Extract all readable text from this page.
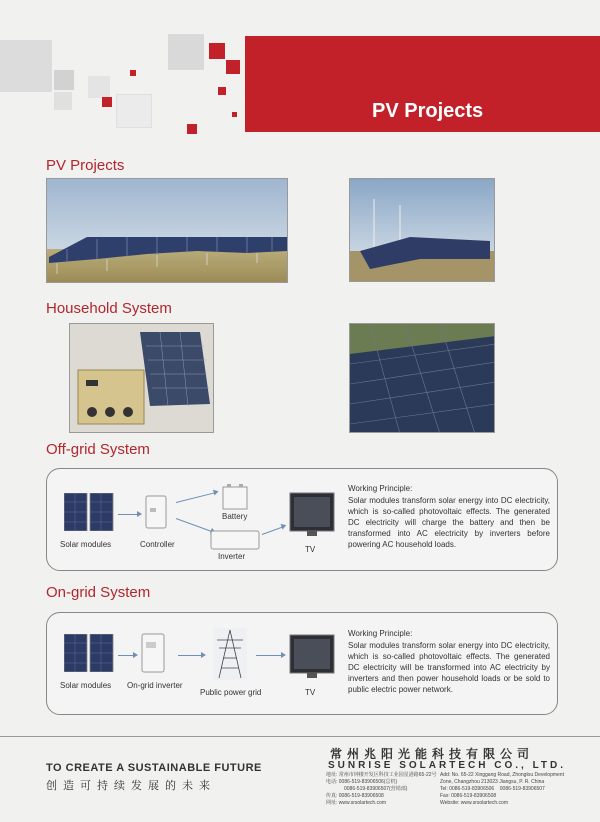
PV Projects
PV Projects
Household System
Off-grid System
Solar modules	Controller
Battery
Inverter
TV
Working Principle:
Solar modules transform solar energy into DC electricity, which is so-called photovoltaic effects. The generated DC electricity will charge the battery and then be transformed into AC electricity by inverters before powering AC household loads.
On-grid System
Solar modules On-grid inverter
Public power grid	TV
Working Principle:
Solar modules transform solar energy into DC electricity, which is so-called photovoltaic effects. The generated DC electricity will be transformed into AC electricity by inverters and then power household loads or be sold to public electric power network.
TO CREATE A SUSTAINABLE FUTURE
创造可持续发展的未来
常州兆阳光能科技有限公司
SUNRISE SOLARTECH CO., LTD.
地址: 常州市钟楼开发区科技工业园星港路65-22号
电话: 0086-519-83906506(总机)
0086-519-83906507(营销部)
传真: 0086-519-83906508
网址: www.srsolartech.com
Add: No. 65-22 Xinggang Road, Zhonglou Development
Zone, Changzhou 213023 Jiangsu, P. R. China
Tel: 0086-519-83906506 0086-519-83906507
Fax: 0086-519-83906508
Website: www.srsolartech.com
